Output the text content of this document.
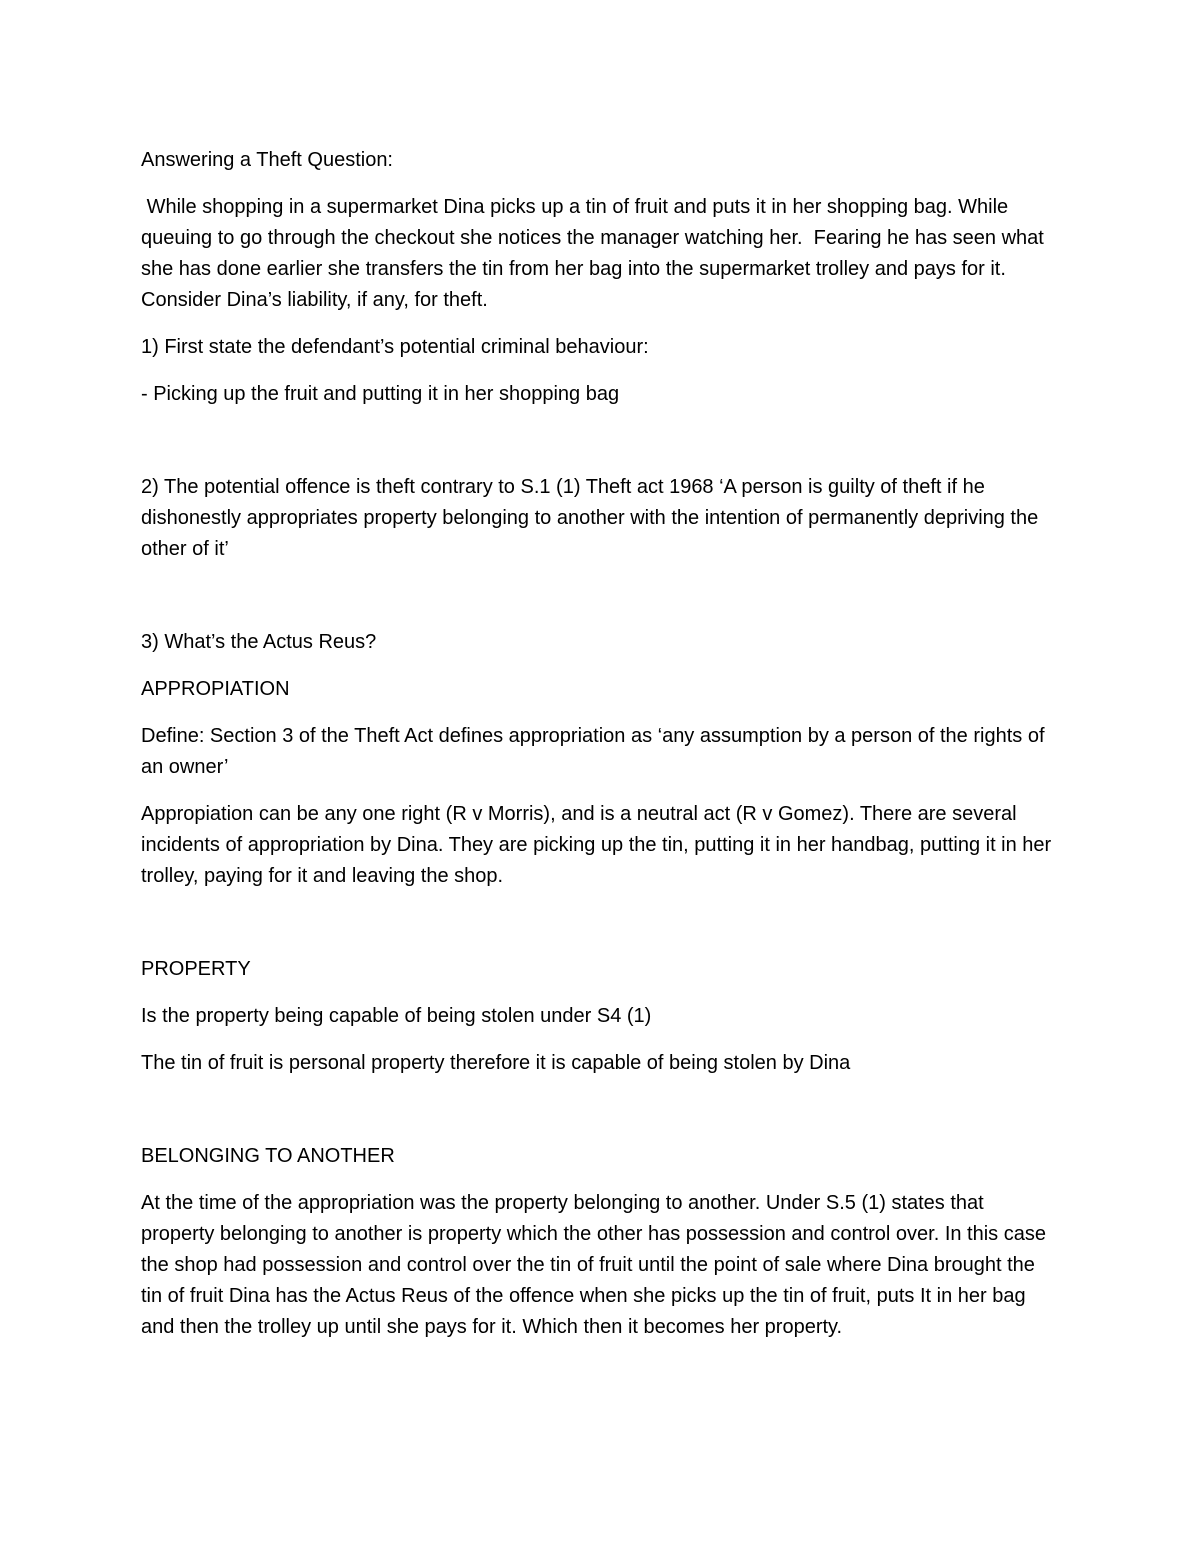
Answering a Theft Question:

While shopping in a supermarket Dina picks up a tin of fruit and puts it in her shopping bag. While queuing to go through the checkout she notices the manager watching her.  Fearing he has seen what she has done earlier she transfers the tin from her bag into the supermarket trolley and pays for it. Consider Dina’s liability, if any, for theft.

1) First state the defendant’s potential criminal behaviour:

- Picking up the fruit and putting it in her shopping bag

2) The potential offence is theft contrary to S.1 (1) Theft act 1968 ‘A person is guilty of theft if he dishonestly appropriates property belonging to another with the intention of permanently depriving the other of it’

3) What’s the Actus Reus?

APPROPIATION

Define: Section 3 of the Theft Act defines appropriation as ‘any assumption by a person of the rights of an owner’

Appropiation can be any one right (R v Morris), and is a neutral act (R v Gomez). There are several incidents of appropriation by Dina. They are picking up the tin, putting it in her handbag, putting it in her trolley, paying for it and leaving the shop.

PROPERTY

Is the property being capable of being stolen under S4 (1)

The tin of fruit is personal property therefore it is capable of being stolen by Dina

BELONGING TO ANOTHER

At the time of the appropriation was the property belonging to another. Under S.5 (1) states that property belonging to another is property which the other has possession and control over. In this case the shop had possession and control over the tin of fruit until the point of sale where Dina brought the tin of fruit Dina has the Actus Reus of the offence when she picks up the tin of fruit, puts It in her bag and then the trolley up until she pays for it. Which then it becomes her property.
